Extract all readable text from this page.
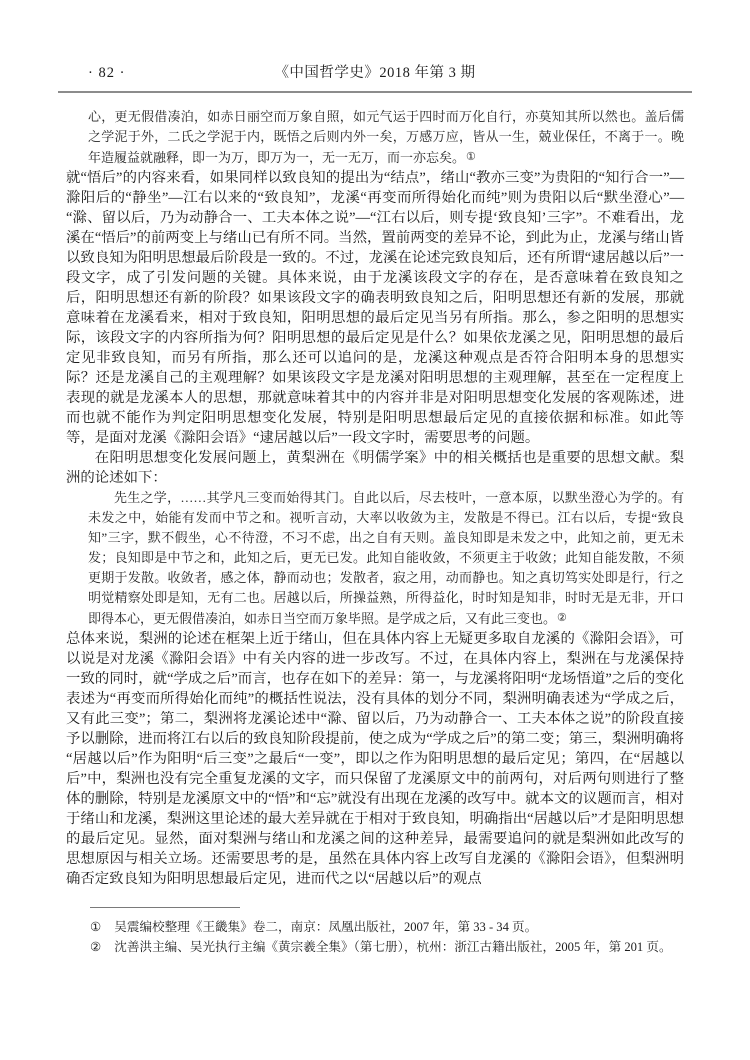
· 82 ·	《中国哲学史》2018 年第 3 期

心，更无假借凑泊，如赤日丽空而万象自照，如元气运于四时而万化自行，亦莫知其所以然也。盖后儒之学泥于外，二氏之学泥于内，既悟之后则内外一矣，万感万应，皆从一生，兢业保任，不离于一。晚年造履益就融释，即一为万，即万为一，无一无万，而一亦忘矣。①

就“悟后”的内容来看，如果同样以致良知的提出为“结点”，绪山“教亦三变”为贵阳的“知行合一”—滁阳后的“静坐”—江右以来的“致良知”，龙溪“再变而所得始化而纯”则为贵阳以后“默坐澄心”—“滁、留以后，乃为动静合一、工夫本体之说”—“江右以后，则专提‘致良知’三字”。不难看出，龙溪在“悟后”的前两变上与绪山已有所不同。当然，置前两变的差异不论，到此为止，龙溪与绪山皆以致良知为阳明思想最后阶段是一致的。不过，龙溪在论述完致良知后，还有所谓“逮居越以后”一段文字，成了引发问题的关键。具体来说，由于龙溪该段文字的存在，是否意味着在致良知之后，阳明思想还有新的阶段？如果该段文字的确表明致良知之后，阳明思想还有新的发展，那就意味着在龙溪看来，相对于致良知，阳明思想的最后定见当另有所指。那么，参之阳明的思想实际，该段文字的内容所指为何？阳明思想的最后定见是什么？如果依龙溪之见，阳明思想的最后定见非致良知，而另有所指，那么还可以追问的是，龙溪这种观点是否符合阳明本身的思想实际？还是龙溪自己的主观理解？如果该段文字是龙溪对阳明思想的主观理解，甚至在一定程度上表现的就是龙溪本人的思想，那就意味着其中的内容并非是对阳明思想变化发展的客观陈述，进而也就不能作为判定阳明思想变化发展，特别是阳明思想最后定见的直接依据和标准。如此等等，是面对龙溪《滁阳会语》“逮居越以后”一段文字时，需要思考的问题。

在阳明思想变化发展问题上，黄梨洲在《明儒学案》中的相关概括也是重要的思想文献。梨洲的论述如下：

先生之学，……其学凡三变而始得其门。自此以后，尽去枝叶，一意本原，以默坐澄心为学的。有未发之中，始能有发而中节之和。视听言动，大率以收敛为主，发散是不得已。江右以后，专提“致良知”三字，默不假坐，心不待澄，不习不虑，出之自有天则。盖良知即是未发之中，此知之前，更无未发；良知即是中节之和，此知之后，更无已发。此知自能收敛，不须更主于收敛；此知自能发散，不须更期于发散。收敛者，感之体，静而动也；发散者，寂之用，动而静也。知之真切笃实处即是行，行之明觉精察处即是知，无有二也。居越以后，所操益熟，所得益化，时时知是知非，时时无是无非，开口即得本心，更无假借凑泊，如赤日当空而万象毕照。是学成之后，又有此三变也。②

总体来说，梨洲的论述在框架上近于绪山，但在具体内容上无疑更多取自龙溪的《滁阳会语》，可以说是对龙溪《滁阳会语》中有关内容的进一步改写。不过，在具体内容上，梨洲在与龙溪保持一致的同时，就“学成之后”而言，也存在如下的差异：第一，与龙溪将阳明“龙场悟道”之后的变化表述为“再变而所得始化而纯”的概括性说法，没有具体的划分不同，梨洲明确表述为“学成之后，又有此三变”；第二，梨洲将龙溪论述中“滁、留以后，乃为动静合一、工夫本体之说”的阶段直接予以删除，进而将江右以后的致良知阶段提前，使之成为“学成之后”的第二变；第三，梨洲明确将“居越以后”作为阳明“后三变”之最后“一变”，即以之作为阳明思想的最后定见；第四，在“居越以后”中，梨洲也没有完全重复龙溪的文字，而只保留了龙溪原文中的前两句，对后两句则进行了整体的删除，特别是龙溪原文中的“悟”和“忘”就没有出现在龙溪的改写中。就本文的议题而言，相对于绪山和龙溪，梨洲这里论述的最大差异就在于相对于致良知，明确指出“居越以后”才是阳明思想的最后定见。显然，面对梨洲与绪山和龙溪之间的这种差异，最需要追问的就是梨洲如此改写的思想原因与相关立场。还需要思考的是，虽然在具体内容上改写自龙溪的《滁阳会语》，但梨洲明确否定致良知为阳明思想最后定见，进而代之以“居越以后”的观点

① 吴震编校整理《王畿集》卷二，南京：凤凰出版社，2007 年，第 33 - 34 页。
② 沈善洪主编、吴光执行主编《黄宗羲全集》（第七册），杭州：浙江古籍出版社，2005 年，第 201 页。
